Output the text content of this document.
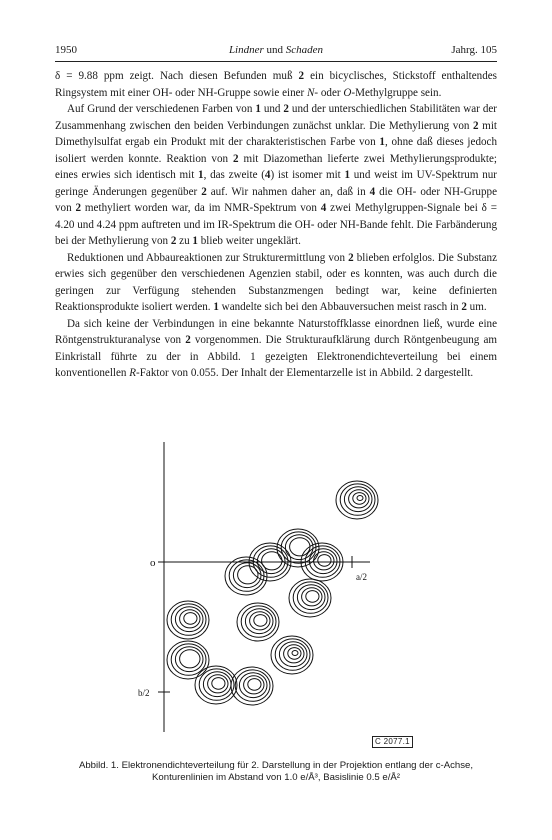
1950	Lindner und Schaden	Jahrg. 105

δ = 9.88 ppm zeigt. Nach diesen Befunden muß 2 ein bicyclisches, Stickstoff enthaltendes Ringsystem mit einer OH- oder NH-Gruppe sowie einer N- oder O-Methylgruppe sein.

Auf Grund der verschiedenen Farben von 1 und 2 und der unterschiedlichen Stabilitäten war der Zusammenhang zwischen den beiden Verbindungen zunächst unklar. Die Methylierung von 2 mit Dimethylsulfat ergab ein Produkt mit der charakteristischen Farbe von 1, ohne daß dieses jedoch isoliert werden konnte. Reaktion von 2 mit Diazomethan lieferte zwei Methylierungsprodukte; eines erwies sich identisch mit 1, das zweite (4) ist isomer mit 1 und weist im UV-Spektrum nur geringe Änderungen gegenüber 2 auf. Wir nahmen daher an, daß in 4 die OH- oder NH-Gruppe von 2 methyliert worden war, da im NMR-Spektrum von 4 zwei Methylgruppen-Signale bei δ = 4.20 und 4.24 ppm auftreten und im IR-Spektrum die OH- oder NH-Bande fehlt. Die Farbänderung bei der Methylierung von 2 zu 1 blieb weiter ungeklärt.

Reduktionen und Abbaureaktionen zur Strukturermittlung von 2 blieben erfolglos. Die Substanz erwies sich gegenüber den verschiedenen Agenzien stabil, oder es konnten, was auch durch die geringen zur Verfügung stehenden Substanzmengen bedingt war, keine definierten Reaktionsprodukte isoliert werden. 1 wandelte sich bei den Abbauversuchen meist rasch in 2 um.

Da sich keine der Verbindungen in eine bekannte Naturstoffklasse einordnen ließ, wurde eine Röntgenstrukturanalyse von 2 vorgenommen. Die Strukturaufklärung durch Röntgenbeugung am Einkristall führte zu der in Abbild. 1 gezeigten Elektronendichteverteilung bei einem konventionellen R-Faktor von 0.055. Der Inhalt der Elementarzelle ist in Abbild. 2 dargestellt.

o
a/2
b/2
C 2077.1
Abbild. 1. Elektronendichteverteilung für 2. Darstellung in der Projektion entlang der c-Achse,
Konturenlinien im Abstand von 1.0 e/Å³, Basislinie 0.5 e/Å²
